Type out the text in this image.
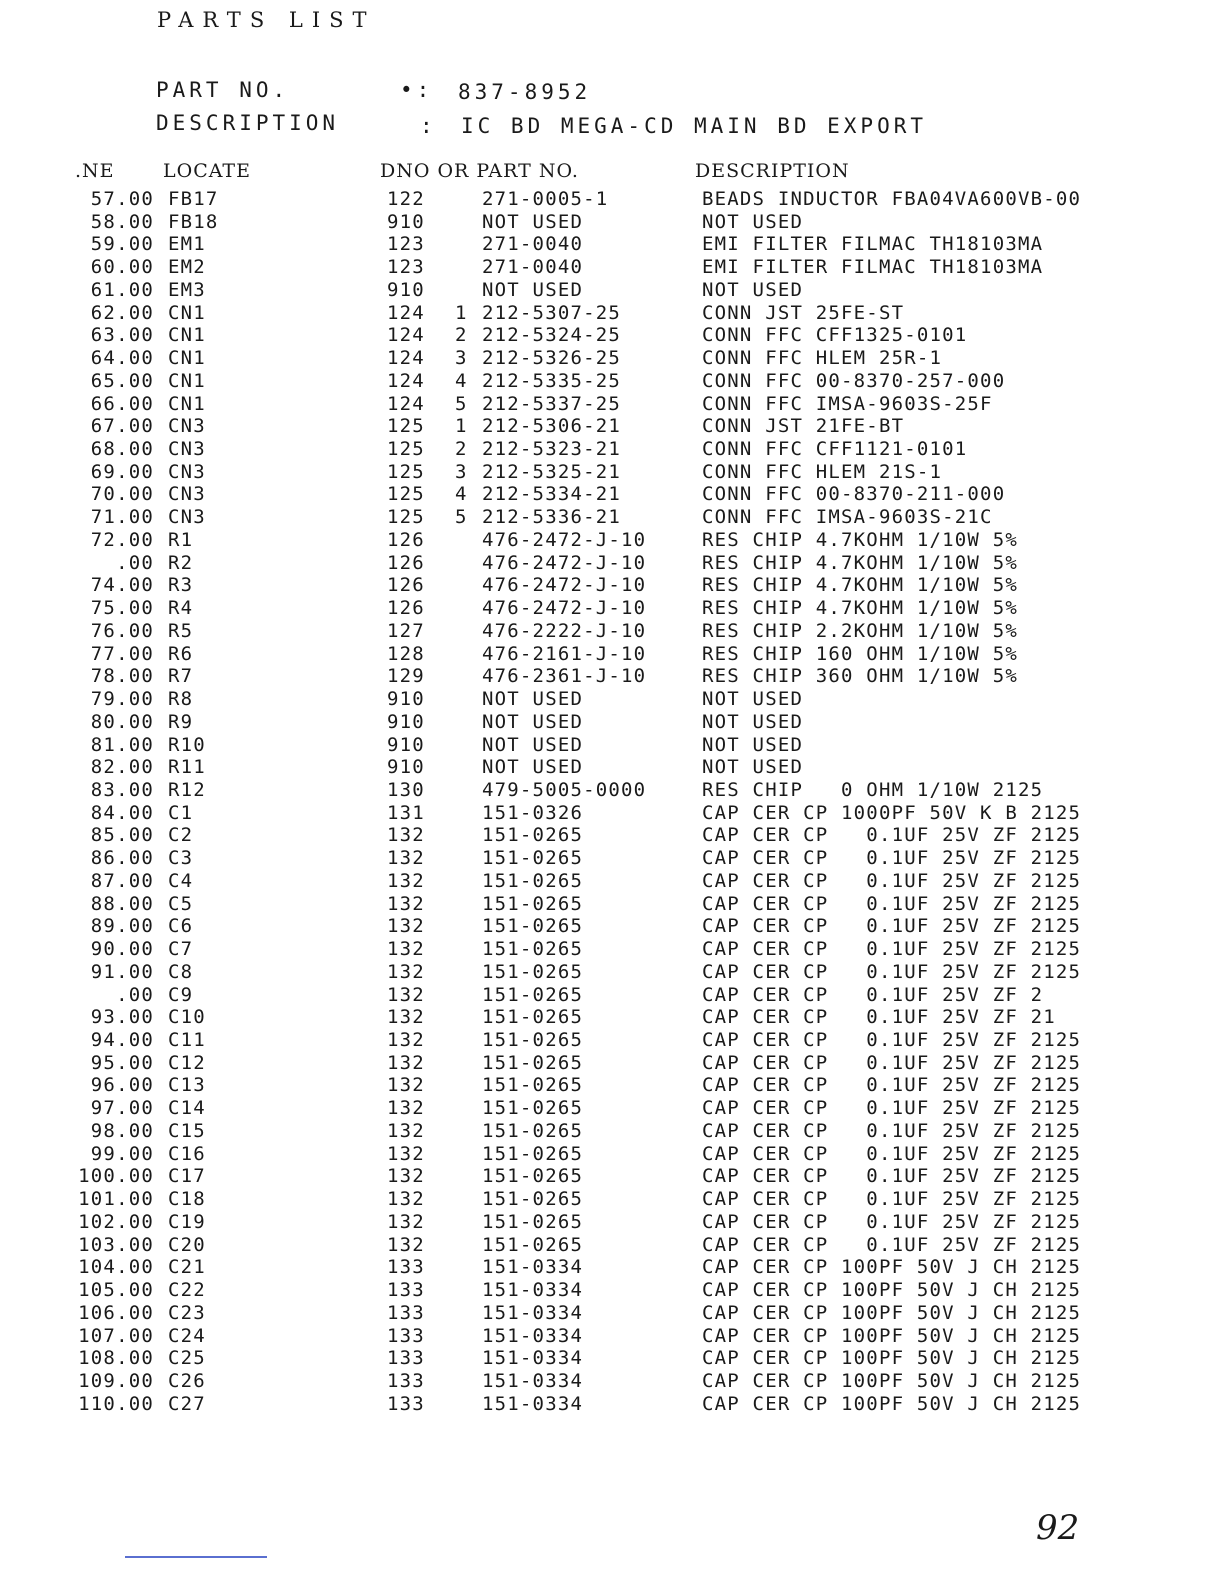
PARTS LIST
PART NO.	•: 837-8952
DESCRIPTION	: IC BD MEGA-CD MAIN BD EXPORT
.NE	LOCATE	DNO OR PART NO.	DESCRIPTION
57.00 FB17	122	271-0005-1	BEADS INDUCTOR FBA04VA600VB-00
58.00 FB18	910	NOT USED	NOT USED
59.00 EM1	123	271-0040	EMI FILTER FILMAC TH18103MA
60.00 EM2	123	271-0040	EMI FILTER FILMAC TH18103MA
61.00 EM3	910	NOT USED	NOT USED
62.00 CN1	124 1 212-5307-25	CONN JST 25FE-ST
63.00 CN1	124 2 212-5324-25	CONN FFC CFF1325-0101
64.00 CN1	124 3 212-5326-25	CONN FFC HLEM 25R-1
65.00 CN1	124 4 212-5335-25	CONN FFC 00-8370-257-000
66.00 CN1	124 5 212-5337-25	CONN FFC IMSA-9603S-25F
67.00 CN3	125 1 212-5306-21	CONN JST 21FE-BT
68.00 CN3	125 2 212-5323-21	CONN FFC CFF1121-0101
69.00 CN3	125 3 212-5325-21	CONN FFC HLEM 21S-1
70.00 CN3	125 4 212-5334-21	CONN FFC 00-8370-211-000
71.00 CN3	125 5 212-5336-21	CONN FFC IMSA-9603S-21C
72.00 R1	126	476-2472-J-10	RES CHIP 4.7KOHM 1/10W 5%
.00 R2	126	476-2472-J-10	RES CHIP 4.7KOHM 1/10W 5%
74.00 R3	126	476-2472-J-10	RES CHIP 4.7KOHM 1/10W 5%
75.00 R4	126	476-2472-J-10	RES CHIP 4.7KOHM 1/10W 5%
76.00 R5	127	476-2222-J-10	RES CHIP 2.2KOHM 1/10W 5%
77.00 R6	128	476-2161-J-10	RES CHIP 160 OHM 1/10W 5%
78.00 R7	129	476-2361-J-10	RES CHIP 360 OHM 1/10W 5%
79.00 R8	910	NOT USED	NOT USED
80.00 R9	910	NOT USED	NOT USED
81.00 R10	910	NOT USED	NOT USED
82.00 R11	910	NOT USED	NOT USED
83.00 R12	130	479-5005-0000	RES CHIP   0 OHM 1/10W 2125
84.00 C1	131	151-0326	CAP CER CP 1000PF 50V K B 2125
85.00 C2	132	151-0265	CAP CER CP   0.1UF 25V ZF 2125
86.00 C3	132	151-0265	CAP CER CP   0.1UF 25V ZF 2125
87.00 C4	132	151-0265	CAP CER CP   0.1UF 25V ZF 2125
88.00 C5	132	151-0265	CAP CER CP   0.1UF 25V ZF 2125
89.00 C6	132	151-0265	CAP CER CP   0.1UF 25V ZF 2125
90.00 C7	132	151-0265	CAP CER CP   0.1UF 25V ZF 2125
91.00 C8	132	151-0265	CAP CER CP   0.1UF 25V ZF 2125
.00 C9	132	151-0265	CAP CER CP   0.1UF 25V ZF 2
93.00 C10	132	151-0265	CAP CER CP   0.1UF 25V ZF 21
94.00 C11	132	151-0265	CAP CER CP   0.1UF 25V ZF 2125
95.00 C12	132	151-0265	CAP CER CP   0.1UF 25V ZF 2125
96.00 C13	132	151-0265	CAP CER CP   0.1UF 25V ZF 2125
97.00 C14	132	151-0265	CAP CER CP   0.1UF 25V ZF 2125
98.00 C15	132	151-0265	CAP CER CP   0.1UF 25V ZF 2125
99.00 C16	132	151-0265	CAP CER CP   0.1UF 25V ZF 2125
100.00 C17	132	151-0265	CAP CER CP   0.1UF 25V ZF 2125
101.00 C18	132	151-0265	CAP CER CP   0.1UF 25V ZF 2125
102.00 C19	132	151-0265	CAP CER CP   0.1UF 25V ZF 2125
103.00 C20	132	151-0265	CAP CER CP   0.1UF 25V ZF 2125
104.00 C21	133	151-0334	CAP CER CP 100PF 50V J CH 2125
105.00 C22	133	151-0334	CAP CER CP 100PF 50V J CH 2125
106.00 C23	133	151-0334	CAP CER CP 100PF 50V J CH 2125
107.00 C24	133	151-0334	CAP CER CP 100PF 50V J CH 2125
108.00 C25	133	151-0334	CAP CER CP 100PF 50V J CH 2125
109.00 C26	133	151-0334	CAP CER CP 100PF 50V J CH 2125
110.00 C27	133	151-0334	CAP CER CP 100PF 50V J CH 2125
92
